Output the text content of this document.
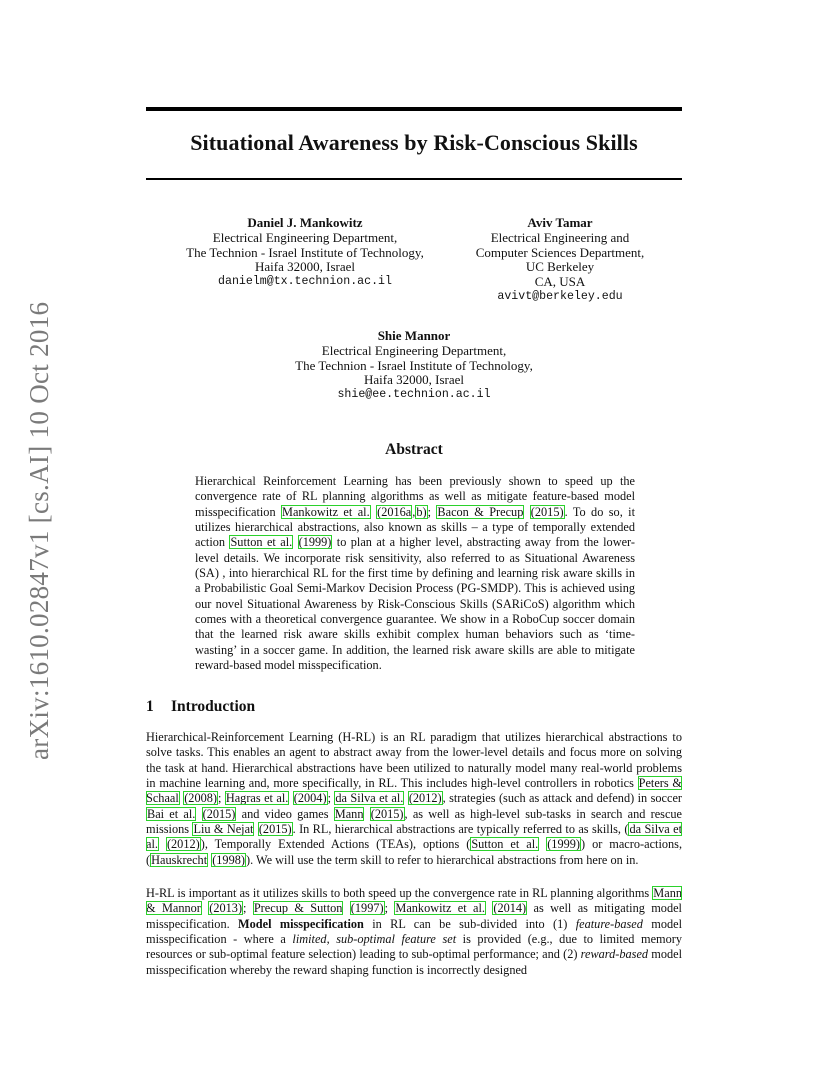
arXiv:1610.02847v1 [cs.AI] 10 Oct 2016
Situational Awareness by Risk-Conscious Skills
Daniel J. Mankowitz
Electrical Engineering Department,
The Technion - Israel Institute of Technology,
Haifa 32000, Israel
danielm@tx.technion.ac.il
Aviv Tamar
Electrical Engineering and
Computer Sciences Department,
UC Berkeley
CA, USA
avivt@berkeley.edu
Shie Mannor
Electrical Engineering Department,
The Technion - Israel Institute of Technology,
Haifa 32000, Israel
shie@ee.technion.ac.il
Abstract
Hierarchical Reinforcement Learning has been previously shown to speed up the convergence rate of RL planning algorithms as well as mitigate feature-based model misspecification Mankowitz et al. (2016a,b); Bacon & Precup (2015). To do so, it utilizes hierarchical abstractions, also known as skills – a type of temporally extended action Sutton et al. (1999) to plan at a higher level, abstracting away from the lower-level details. We incorporate risk sensitivity, also referred to as Situational Awareness (SA) , into hierarchical RL for the first time by defining and learning risk aware skills in a Probabilistic Goal Semi-Markov Decision Process (PG-SMDP). This is achieved using our novel Situational Awareness by Risk-Conscious Skills (SARiCoS) algorithm which comes with a theoretical convergence guarantee. We show in a RoboCup soccer domain that the learned risk aware skills exhibit complex human behaviors such as ‘time-wasting’ in a soccer game. In addition, the learned risk aware skills are able to mitigate reward-based model misspecification.
1 Introduction
Hierarchical-Reinforcement Learning (H-RL) is an RL paradigm that utilizes hierarchical abstractions to solve tasks. This enables an agent to abstract away from the lower-level details and focus more on solving the task at hand. Hierarchical abstractions have been utilized to naturally model many real-world problems in machine learning and, more specifically, in RL. This includes high-level controllers in robotics Peters & Schaal (2008); Hagras et al. (2004); da Silva et al. (2012), strategies (such as attack and defend) in soccer Bai et al. (2015) and video games Mann (2015), as well as high-level sub-tasks in search and rescue missions Liu & Nejat (2015). In RL, hierarchical abstractions are typically referred to as skills, (da Silva et al. (2012)), Temporally Extended Actions (TEAs), options (Sutton et al. (1999)) or macro-actions, (Hauskrecht (1998)). We will use the term skill to refer to hierarchical abstractions from here on in.
H-RL is important as it utilizes skills to both speed up the convergence rate in RL planning algorithms Mann & Mannor (2013); Precup & Sutton (1997); Mankowitz et al. (2014) as well as mitigating model misspecification. Model misspecification in RL can be sub-divided into (1) feature-based model misspecification - where a limited, sub-optimal feature set is provided (e.g., due to limited memory resources or sub-optimal feature selection) leading to sub-optimal performance; and (2) reward-based model misspecification whereby the reward shaping function is incorrectly designed
